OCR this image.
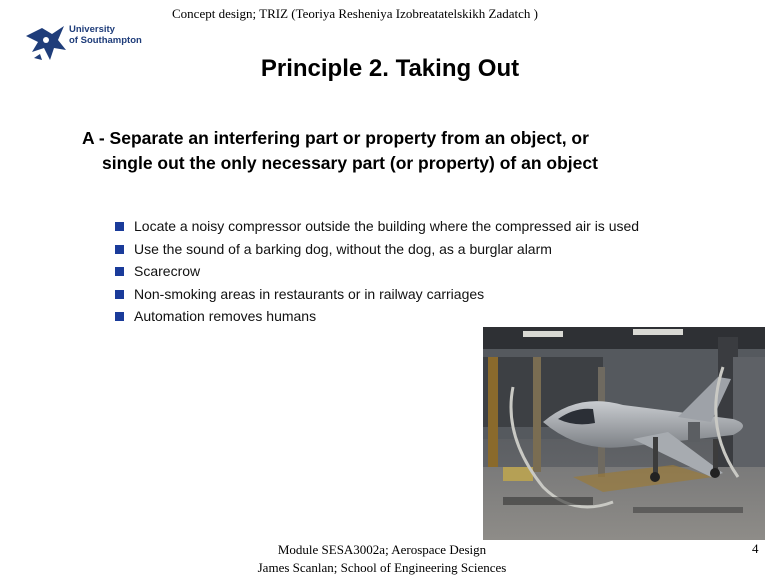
Concept design; TRIZ (Teoriya Resheniya Izobreatatelskikh Zadatch )
University
of Southampton
Principle 2. Taking Out
A - Separate an interfering part or property from an object, or
single out the only necessary part (or property) of an object
Locate a noisy compressor outside the building where the compressed air is used
Use the sound of a barking dog, without the dog, as a burglar alarm
Scarecrow
Non-smoking areas in restaurants or in railway carriages
Automation removes humans
Module SESA3002a; Aerospace Design
James Scanlan; School of Engineering Sciences
4
